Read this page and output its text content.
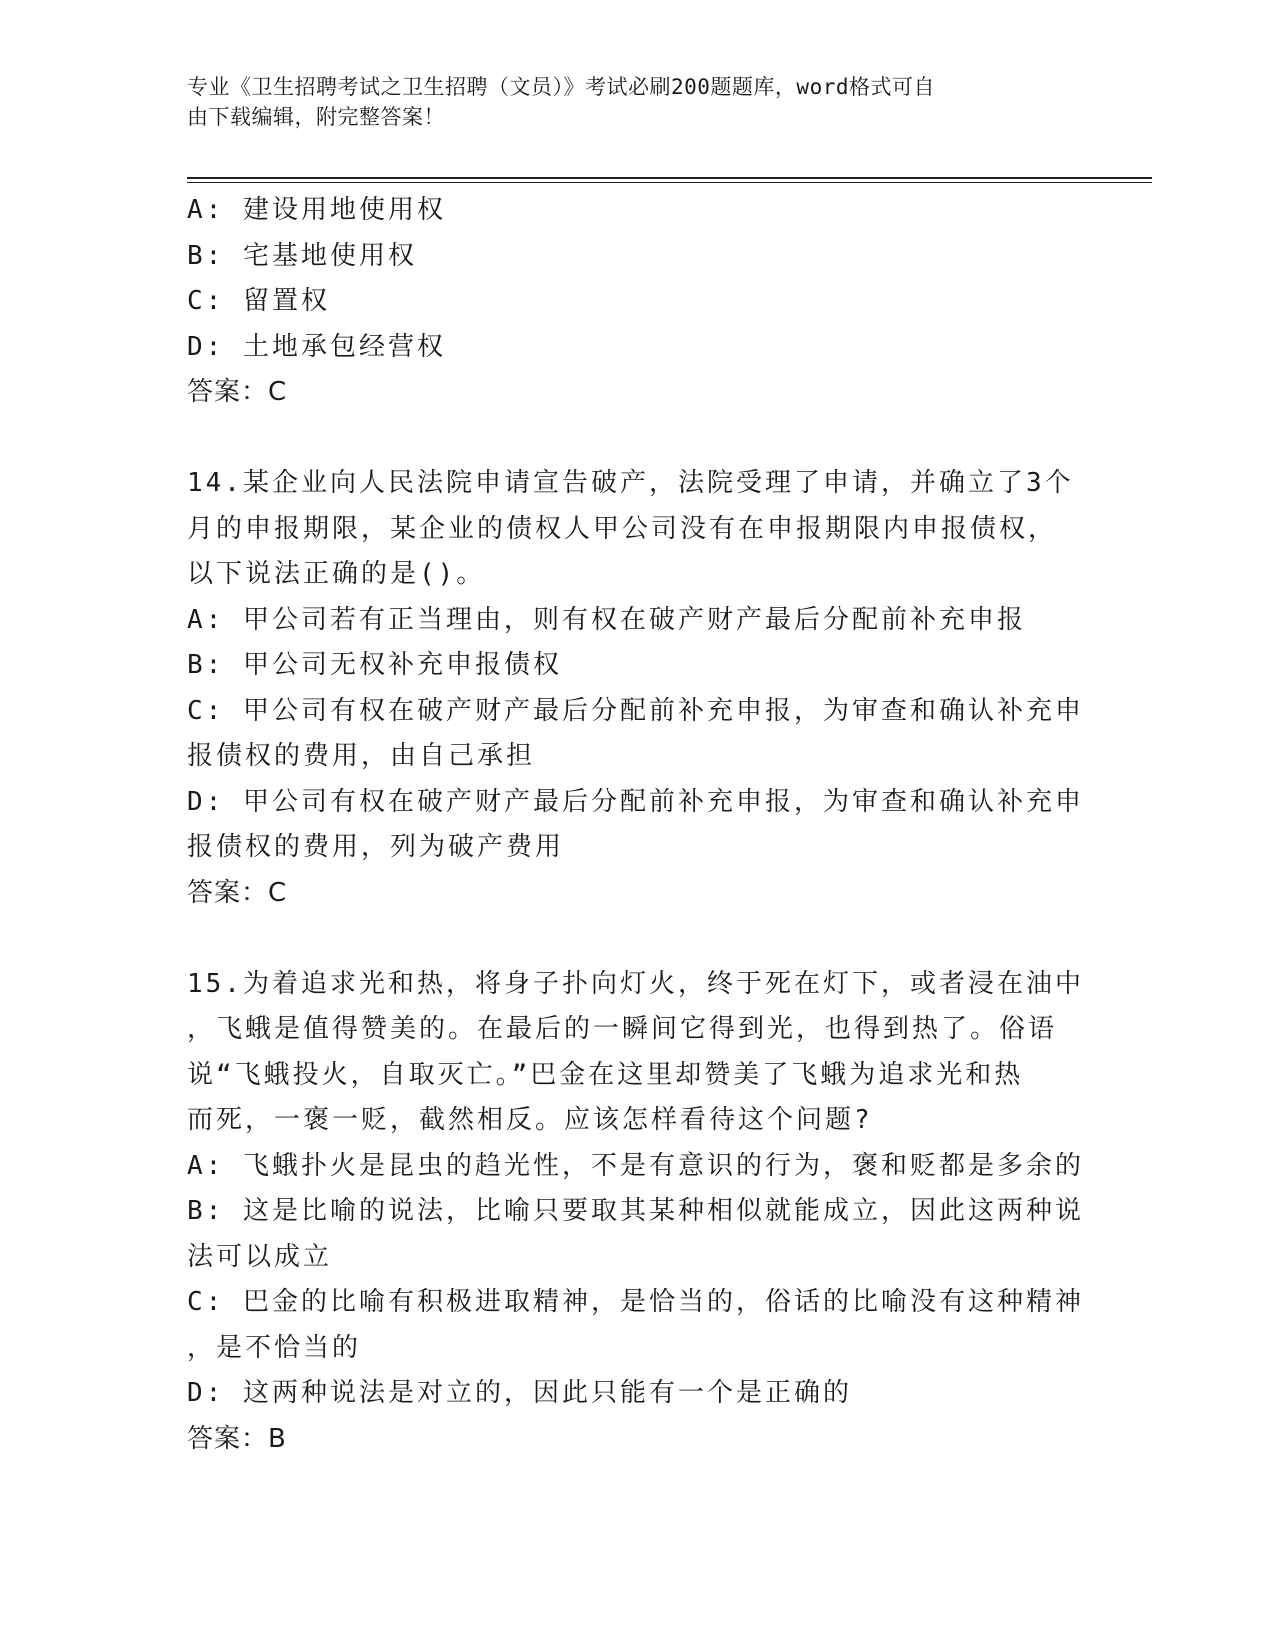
专业《卫生招聘考试之卫生招聘（文员）》考试必刷200题题库，word格式可自
由下载编辑，附完整答案！

A: 建设用地使用权

B: 宅基地使用权

C: 留置权

D: 土地承包经营权

答案：C

14.某企业向人民法院申请宣告破产，法院受理了申请，并确立了3个

月的申报期限，某企业的债权人甲公司没有在申报期限内申报债权，

以下说法正确的是()。

A: 甲公司若有正当理由，则有权在破产财产最后分配前补充申报

B: 甲公司无权补充申报债权

C: 甲公司有权在破产财产最后分配前补充申报，为审查和确认补充申

报债权的费用，由自己承担

D: 甲公司有权在破产财产最后分配前补充申报，为审查和确认补充申

报债权的费用，列为破产费用

答案：C

15.为着追求光和热，将身子扑向灯火，终于死在灯下，或者浸在油中

，飞蛾是值得赞美的。在最后的一瞬间它得到光，也得到热了。俗语

说“飞蛾投火，自取灭亡。”巴金在这里却赞美了飞蛾为追求光和热

而死，一褒一贬，截然相反。应该怎样看待这个问题?

A: 飞蛾扑火是昆虫的趋光性，不是有意识的行为，褒和贬都是多余的

B: 这是比喻的说法，比喻只要取其某种相似就能成立，因此这两种说

法可以成立

C: 巴金的比喻有积极进取精神，是恰当的，俗话的比喻没有这种精神

，是不恰当的

D: 这两种说法是对立的，因此只能有一个是正确的

答案：B
